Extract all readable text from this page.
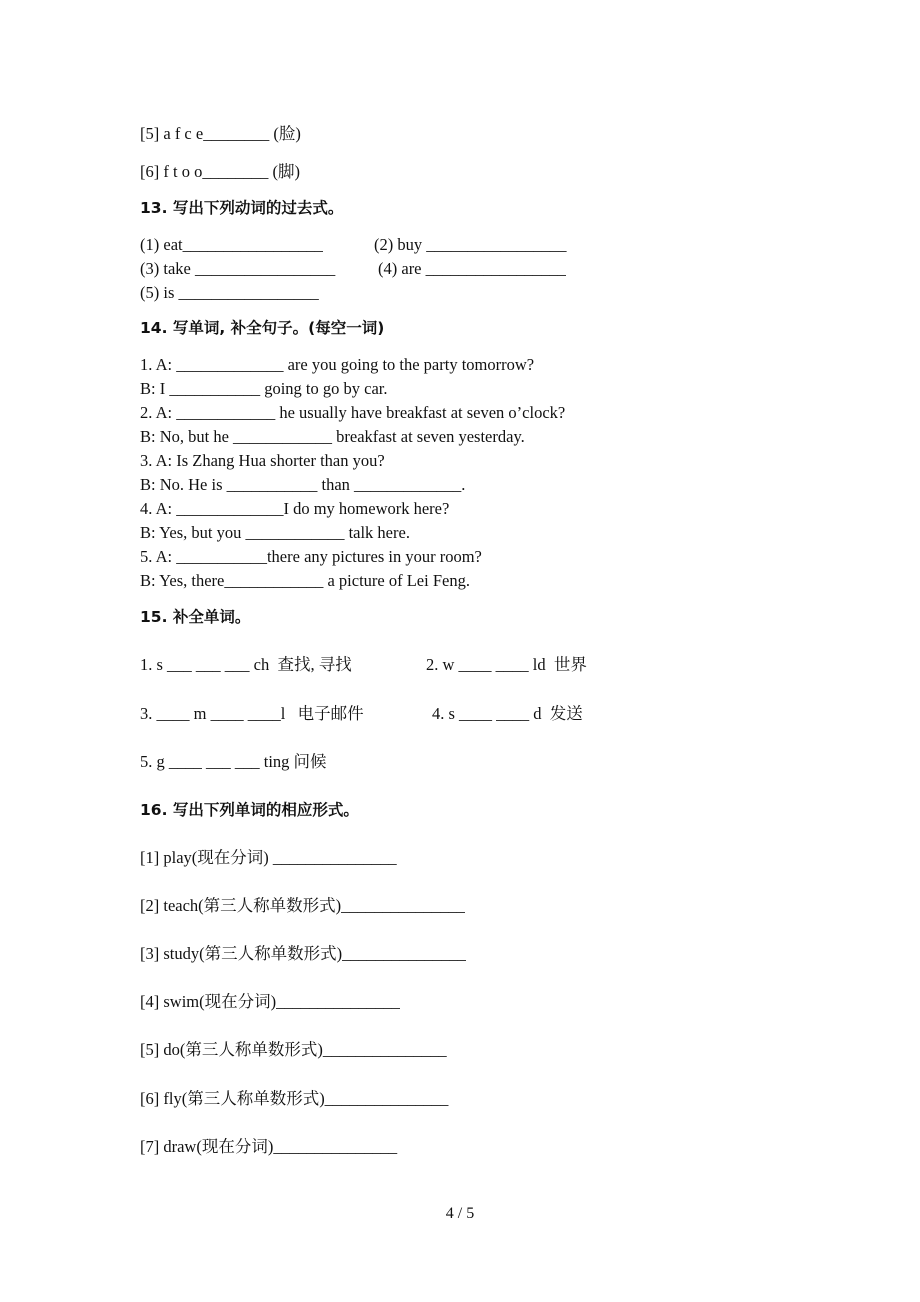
[5] a f c e________ (脸)
[6] f t o o________ (脚)
13. 写出下列动词的过去式。
(1) eat_________________	(2) buy _________________
(3) take _________________	(4) are _________________
(5) is _________________
14. 写单词, 补全句子。(每空一词)
1. A: _____________ are you going to the party tomorrow?
B: I ___________ going to go by car.
2. A: ____________ he usually have breakfast at seven o’clock?
B: No, but he ____________ breakfast at seven yesterday.
3. A: Is Zhang Hua shorter than you?
B: No. He is ___________ than _____________.
4. A: _____________I do my homework here?
B: Yes, but you ____________ talk here.
5. A: ___________there any pictures in your room?
B: Yes, there____________ a picture of Lei Feng.
15. 补全单词。
1. s ___ ___ ___ ch  查找, 寻找	2. w ____ ____ ld  世界
3. ____ m ____ ____l   电子邮件	4. s ____ ____ d  发送
5. g ____ ___ ___ ting 问候
16. 写出下列单词的相应形式。
[1] play(现在分词) _______________
[2] teach(第三人称单数形式)_______________
[3] study(第三人称单数形式)_______________
[4] swim(现在分词)_______________
[5] do(第三人称单数形式)_______________
[6] fly(第三人称单数形式)_______________
[7] draw(现在分词)_______________
4 / 5
